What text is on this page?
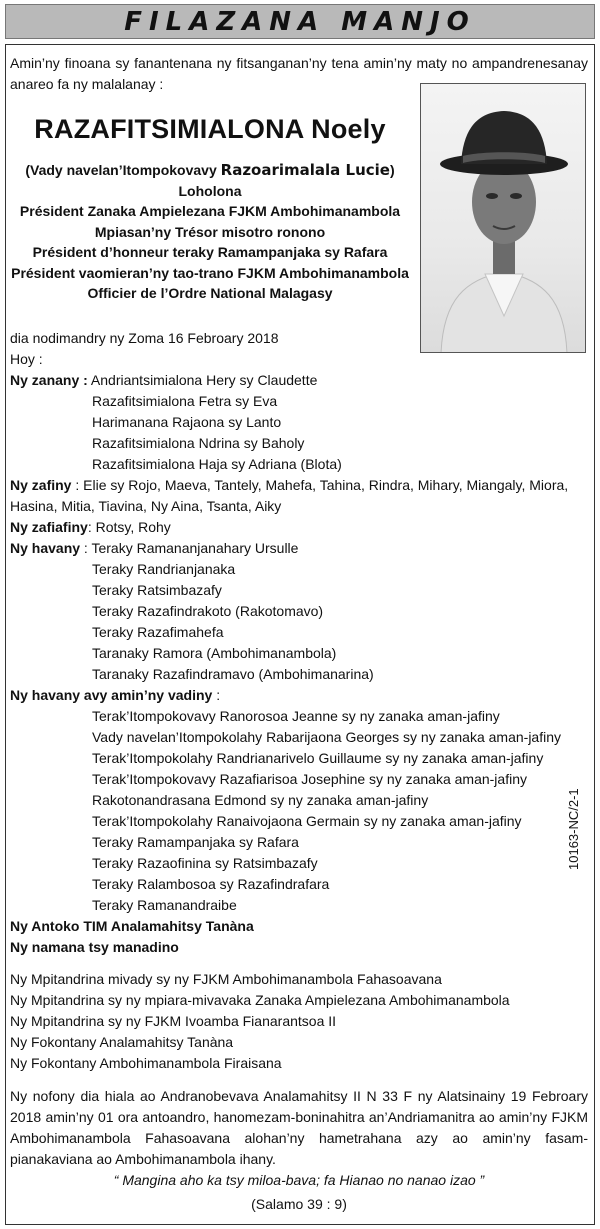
FILAZANA MANJO
Amin’ny finoana sy fanantenana ny fitsanganan’ny tena amin’ny maty no ampandrenesanay anareo fa ny malalanay :
RAZAFITSIMIALONA Noely
(Vady navelan’Itompokovavy Razoarimalala Lucie)
Loholona
Président Zanaka Ampielezana FJKM Ambohimanambola
Mpiasan’ny Trésor misotro ronono
Président d’honneur teraky Ramampanjaka sy Rafara
Président vaomieran’ny tao-trano FJKM Ambohimanambola
Officier de l’Ordre National Malagasy
dia nodimandry ny Zoma 16 Febroary 2018
Hoy :
Ny zanany : Andriantsimialona Hery sy Claudette
Razafitsimialona Fetra sy Eva
Harimanana Rajaona sy Lanto
Razafitsimialona Ndrina sy Baholy
Razafitsimialona Haja sy Adriana (Blota)
Ny zafiny : Elie sy Rojo, Maeva, Tantely, Mahefa, Tahina, Rindra, Mihary, Miangaly, Miora,
Hasina, Mitia, Tiavina, Ny Aina, Tsanta, Aiky
Ny zafiafiny: Rotsy, Rohy
Ny havany : Teraky Ramananjanahary Ursulle
Teraky Randrianjanaka
Teraky Ratsimbazafy
Teraky Razafindrakoto (Rakotomavo)
Teraky Razafimahefa
Taranaky Ramora (Ambohimanambola)
Taranaky Razafindramavo (Ambohimanarina)
Ny havany avy amin’ny vadiny :
Terak’Itompokovavy Ranorosoa Jeanne sy ny zanaka aman-jafiny
Vady navelan’Itompokolahy Rabarijaona Georges sy ny zanaka aman-jafiny
Terak’Itompokolahy Randrianarivelo Guillaume sy ny zanaka aman-jafiny
Terak’Itompokovavy Razafiarisoa Josephine sy ny zanaka aman-jafiny
Rakotonandrasana Edmond sy ny zanaka aman-jafiny
Terak’Itompokolahy Ranaivojaona Germain sy ny zanaka aman-jafiny
Teraky Ramampanjaka sy Rafara
Teraky Razaofinina sy Ratsimbazafy
Teraky Ralambosoa sy Razafindrafara
Teraky Ramanandraibe
Ny Antoko TIM Analamahitsy Tanàna
Ny namana tsy manadino
Ny Mpitandrina mivady sy ny FJKM Ambohimanambola Fahasoavana
Ny Mpitandrina sy ny mpiara-mivavaka Zanaka Ampielezana Ambohimanambola
Ny Mpitandrina sy ny FJKM Ivoamba Fianarantsoa II
Ny Fokontany Analamahitsy Tanàna
Ny Fokontany Ambohimanambola Firaisana
Ny nofony dia hiala ao Andranobevava Analamahitsy II N 33 F ny Alatsinainy 19 Febroary 2018 amin’ny 01 ora antoandro, hanomezam-boninahitra an’Andriamanitra ao amin’ny FJKM Ambohimanambola Fahasoavana alohan’ny hametrahana azy ao amin’ny fasam-pianakaviana ao Ambohimanambola ihany.
“ Mangina aho ka tsy miloa-bava; fa Hianao no nanao izao ”
(Salamo 39 : 9)
10163-NC/2-1
